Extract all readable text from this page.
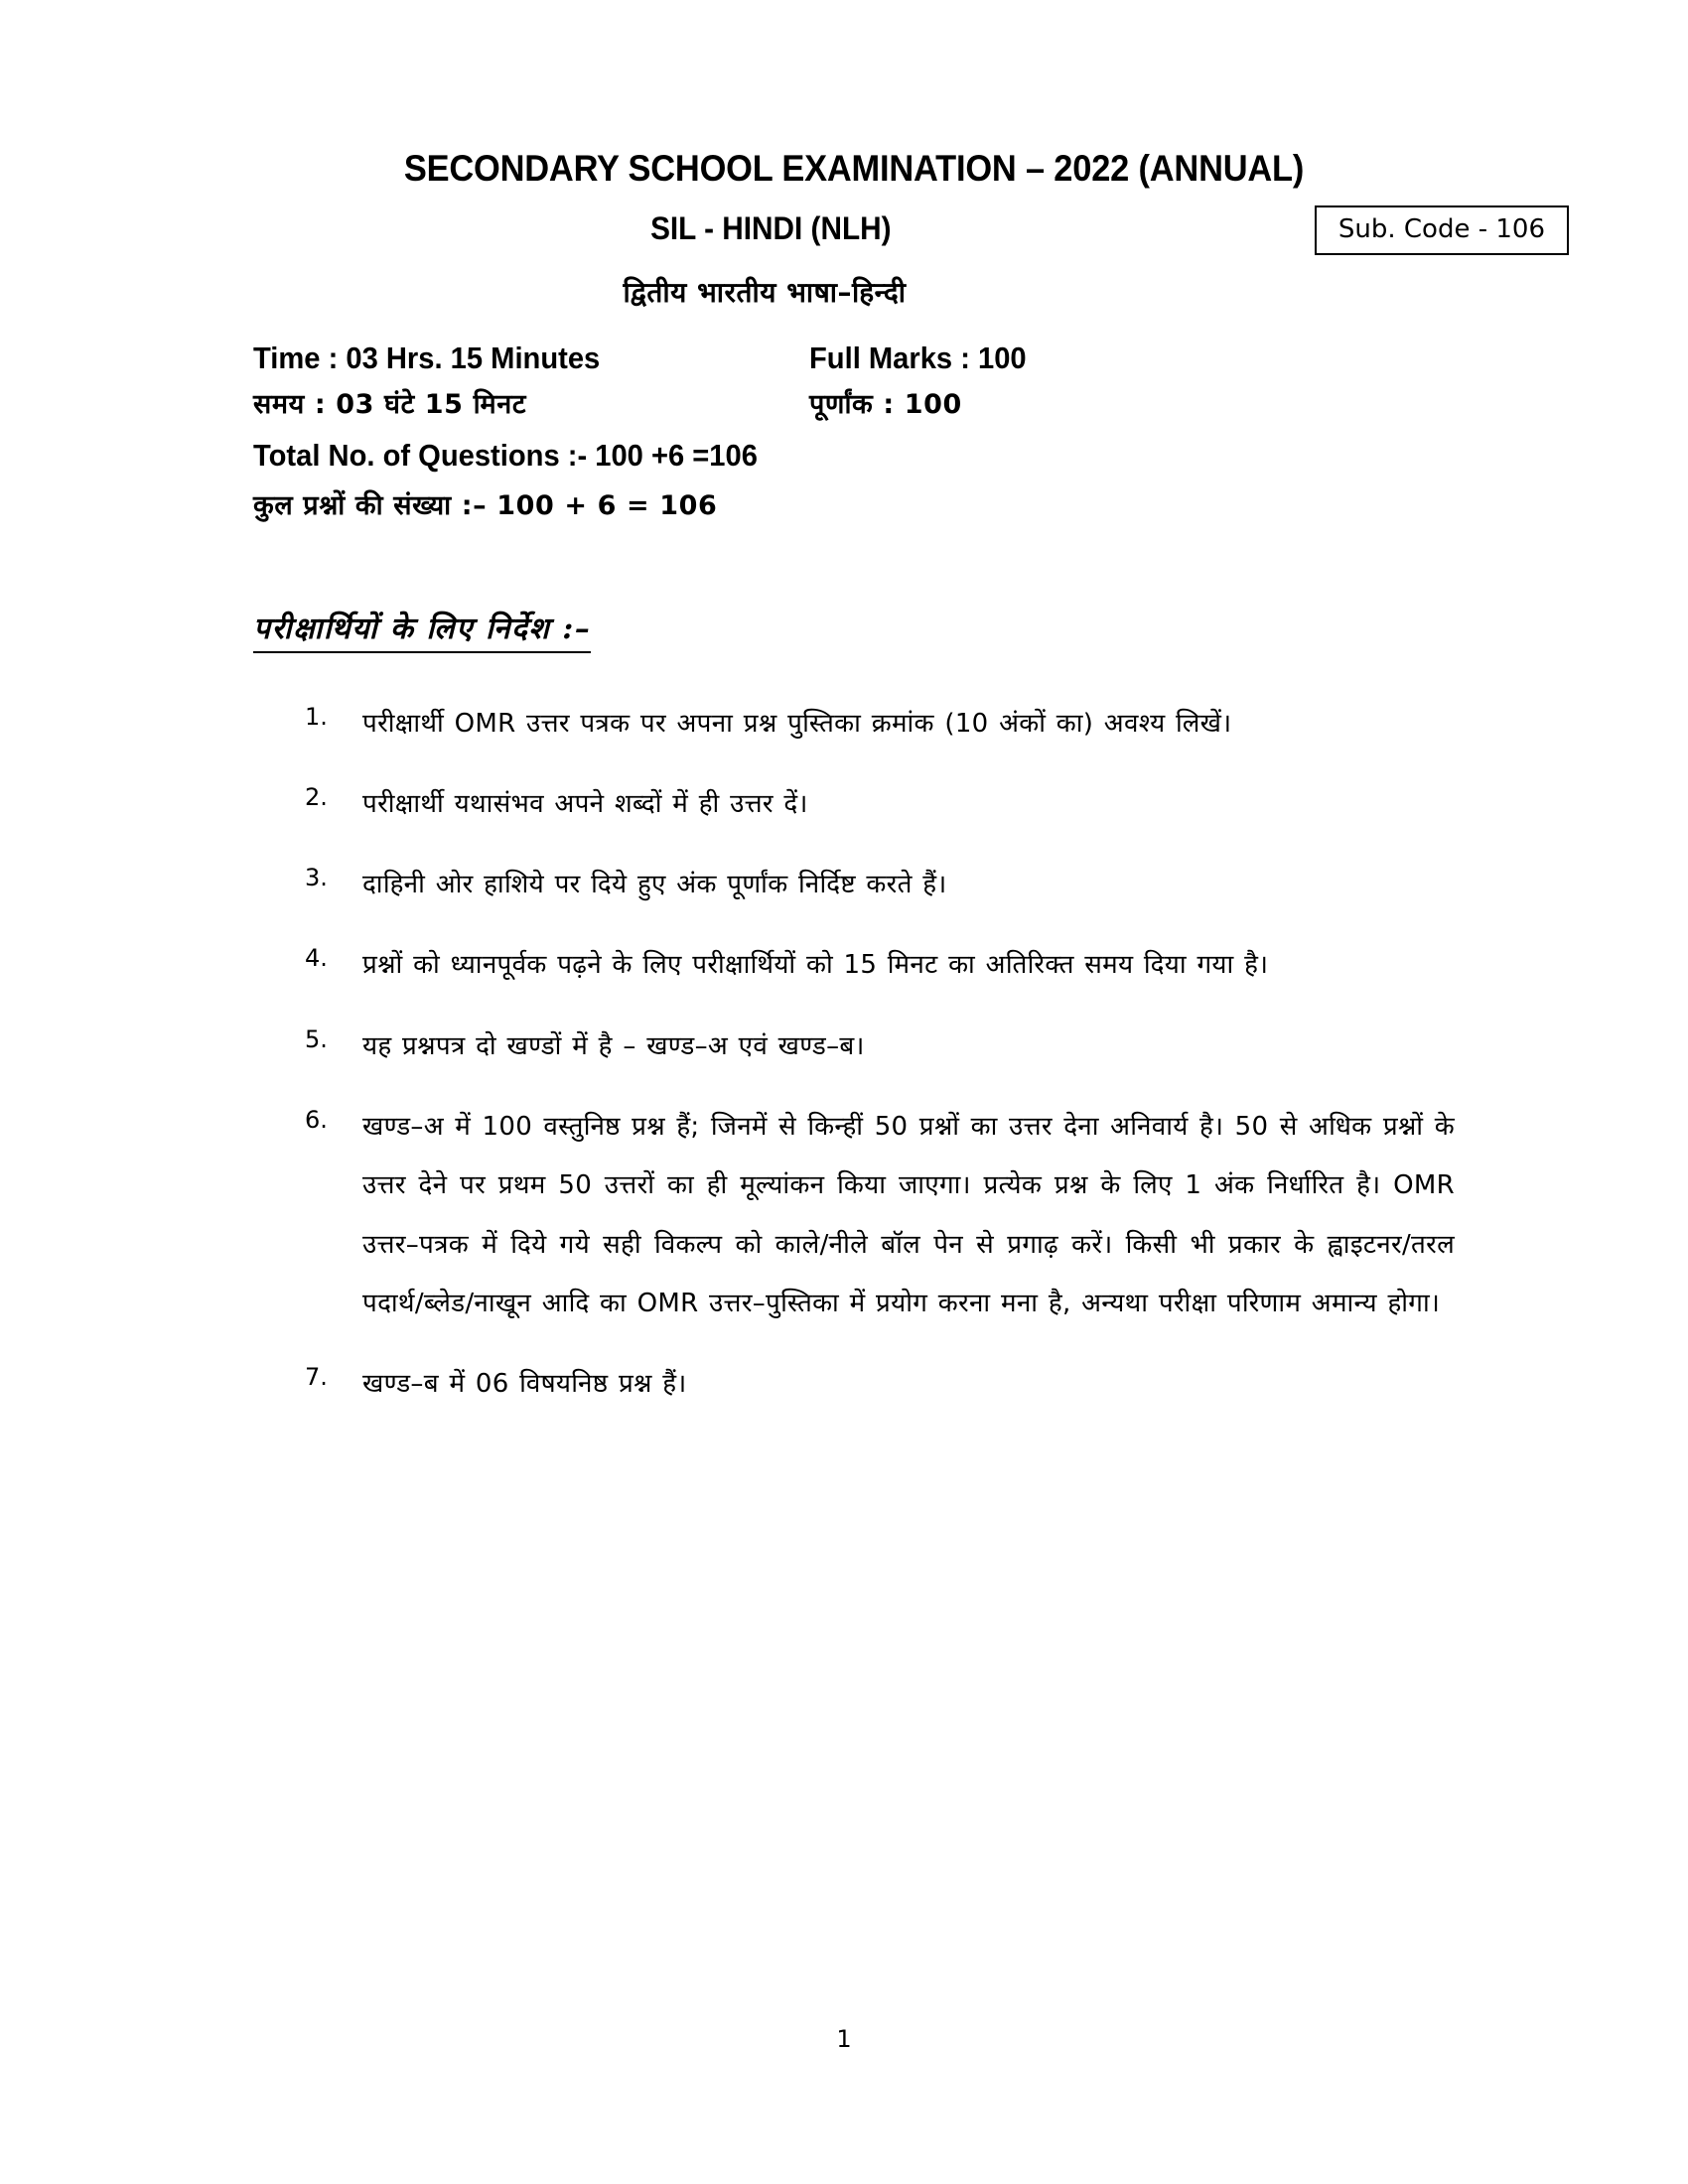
SECONDARY SCHOOL EXAMINATION – 2022 (ANNUAL)
SIL - HINDI (NLH)	Sub. Code - 106
द्वितीय भारतीय भाषा–हिन्दी
Time : 03 Hrs. 15 Minutes	Full Marks : 100
समय : 03 घंटे 15 मिनट	पूर्णांक : 100
Total No. of Questions :- 100 +6 =106
कुल प्रश्नों की संख्या :– 100 + 6 = 106
परीक्षार्थियों के लिए निर्देश :–
1.	परीक्षार्थी OMR उत्तर पत्रक पर अपना प्रश्न पुस्तिका क्रमांक (10 अंकों का) अवश्य लिखें।
2.	परीक्षार्थी यथासंभव अपने शब्दों में ही उत्तर दें।
3.	दाहिनी ओर हाशिये पर दिये हुए अंक पूर्णांक निर्दिष्ट करते हैं।
4.	प्रश्नों को ध्यानपूर्वक पढ़ने के लिए परीक्षार्थियों को 15 मिनट का अतिरिक्त समय दिया गया है।
5.	यह प्रश्नपत्र दो खण्डों में है – खण्ड–अ एवं खण्ड–ब।
6.	खण्ड–अ में 100 वस्तुनिष्ठ प्रश्न हैं; जिनमें से किन्हीं 50 प्रश्नों का उत्तर देना अनिवार्य है। 50 से अधिक प्रश्नों के उत्तर देने पर प्रथम 50 उत्तरों का ही मूल्यांकन किया जाएगा। प्रत्येक प्रश्न के लिए 1 अंक निर्धारित है। OMR उत्तर–पत्रक में दिये गये सही विकल्प को काले/नीले बॉल पेन से प्रगाढ़ करें। किसी भी प्रकार के ह्वाइटनर/तरल पदार्थ/ब्लेड/नाखून आदि का OMR उत्तर–पुस्तिका में प्रयोग करना मना है, अन्यथा परीक्षा परिणाम अमान्य होगा।
7.	खण्ड–ब में 06 विषयनिष्ठ प्रश्न हैं।
1
